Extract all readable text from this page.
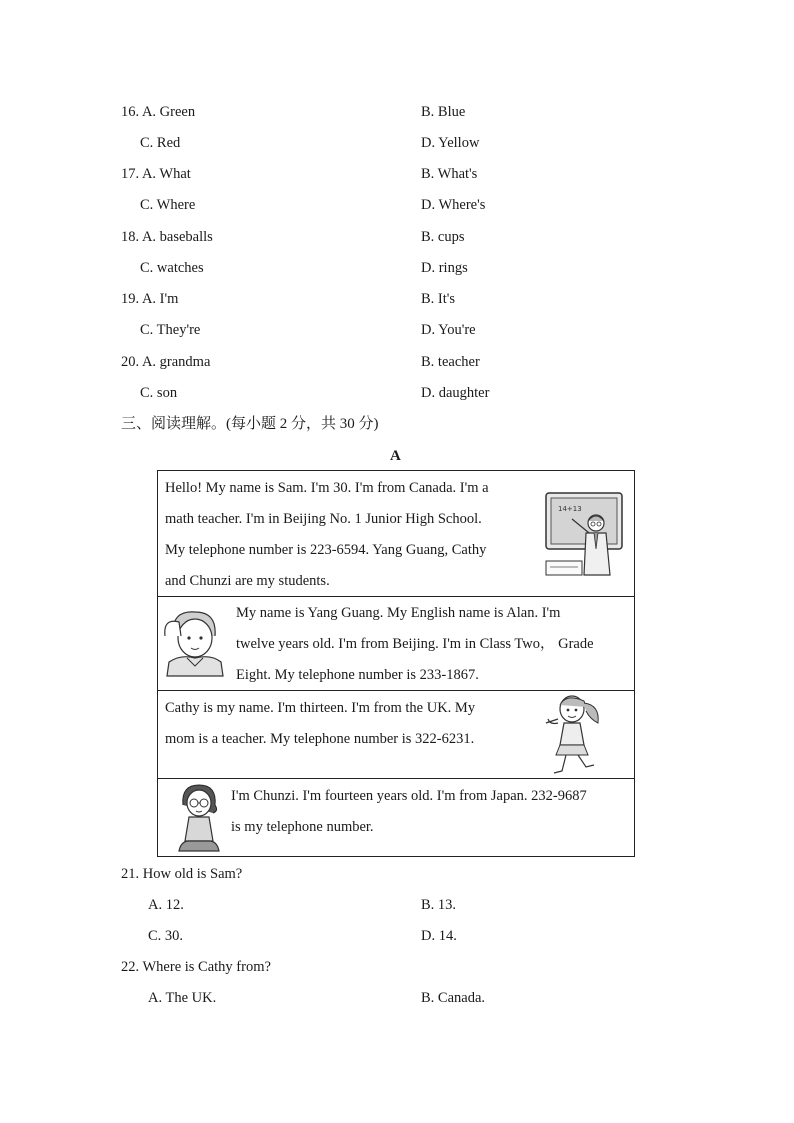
16. A. Green	B. Blue
C. Red	D. Yellow
17. A. What	B. What's
C. Where	D. Where's
18. A. baseballs	B. cups
C. watches	D. rings
19. A. I'm	B. It's
C. They're	D. You're
20. A. grandma	B. teacher
C. son	D. daughter
三、阅读理解。(每小题 2 分，共 30 分)
A
Hello! My name is Sam. I'm 30. I'm from Canada. I'm a
math teacher. I'm in Beijing No. 1 Junior High School.
My telephone number is 223-6594. Yang Guang, Cathy
and Chunzi are my students.
14+13
My name is Yang Guang. My English name is Alan. I'm
twelve years old. I'm from Beijing. I'm in Class Two， Grade
Eight. My telephone number is 233-1867.
Cathy is my name. I'm thirteen. I'm from the UK. My
mom is a teacher. My telephone number is 322-6231.
I'm Chunzi. I'm fourteen years old. I'm from Japan. 232-9687
is my telephone number.
21. How old is Sam?
A. 12.	B. 13.
C. 30.	D. 14.
22. Where is Cathy from?
A. The UK.	B. Canada.
